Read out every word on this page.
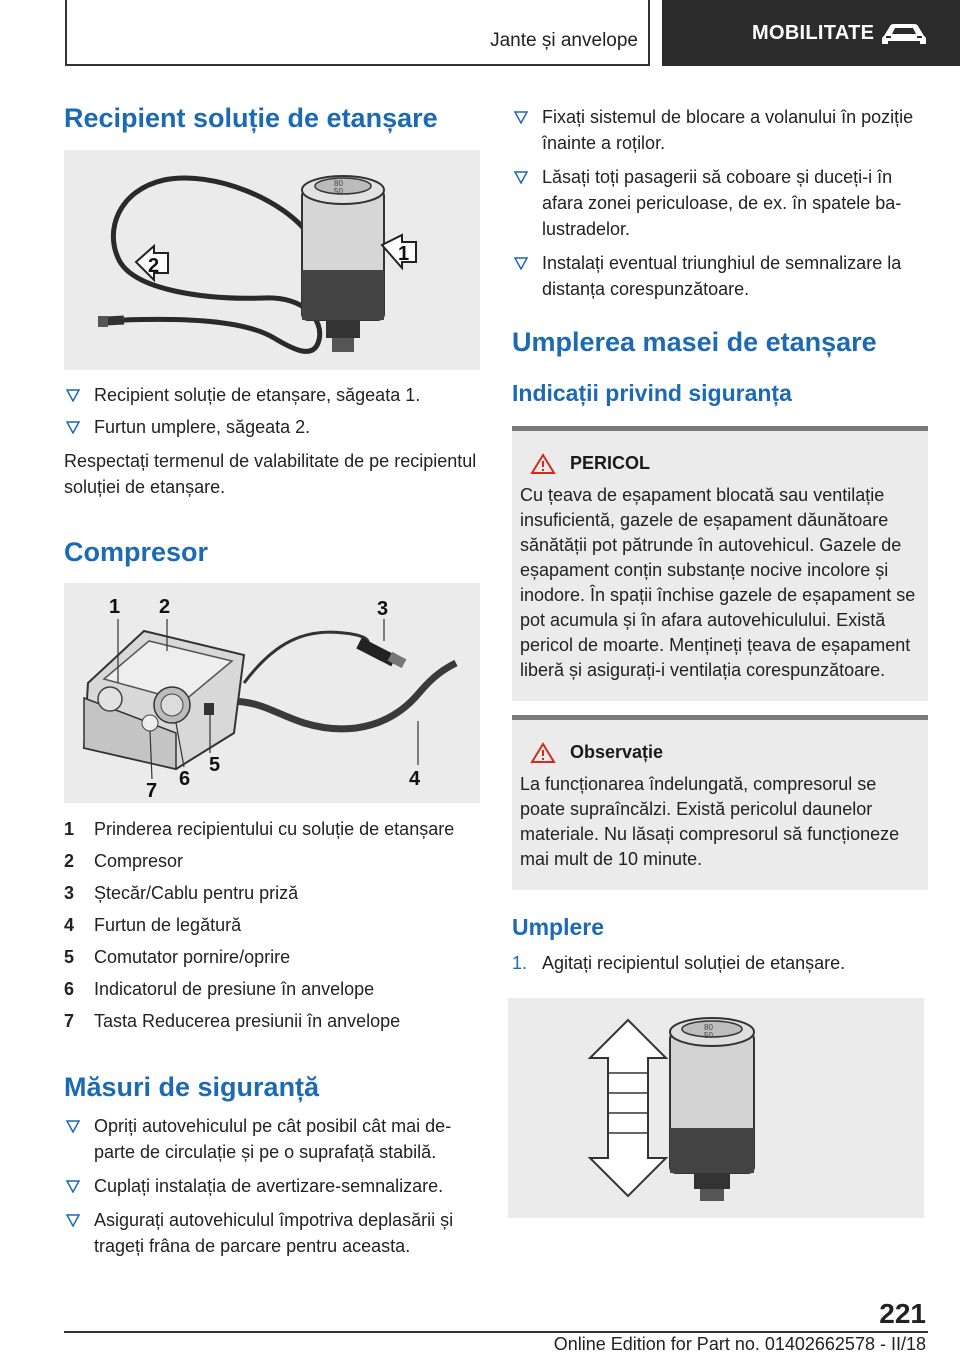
Jante și anvelope	MOBILITATE
Recipient soluție de etanșare
80
50
1
2
Recipient soluție de etanșare, săgeata 1.
Furtun umplere, săgeata 2.

Respectați termenul de valabilitate de pe recipientul soluției de etanșare.

Compresor
1 2	3
4
5
6
7
1 Prinderea recipientului cu soluție de etanșare
2 Compresor
3 Ștecăr/Cablu pentru priză
4 Furtun de legătură
5 Comutator pornire/oprire
6 Indicatorul de presiune în anvelope
7 Tasta Reducerea presiunii în anvelope
Măsuri de siguranță
Opriți autovehiculul pe cât posibil cât mai departe de circulație și pe o suprafață stabilă.
Cuplați instalația de avertizare-semnalizare.
Asigurați autovehiculul împotriva deplasării și trageți frâna de parcare pentru aceasta.
Fixați sistemul de blocare a volanului în poziție înainte a roților.
Lăsați toți pasagerii să coboare și duceți-i în afara zonei periculoase, de ex. în spatele balustradelor.
Instalați eventual triunghiul de semnalizare la distanța corespunzătoare.
Umplerea masei de etanșare
Indicații privind siguranța
PERICOL

Cu țeava de eșapament blocată sau ventilație insuficientă, gazele de eșapament dăunătoare sănătății pot pătrunde în autovehicul. Gazele de eșapament conțin substanțe nocive incolore și inodore. În spații închise gazele de eșapament se pot acumula și în afara autovehiculului. Există pericol de moarte. Mențineți țeava de eșapament liberă și asigurați-i ventilația corespunzătoare.

Observație

La funcționarea îndelungată, compresorul se poate supraîncălzi. Există pericolul daunelor materiale. Nu lăsați compresorul să funcționeze mai mult de 10 minute.

Umplere
1. Agitați recipientul soluției de etanșare.
80
50
221
Online Edition for Part no. 01402662578 - II/18
